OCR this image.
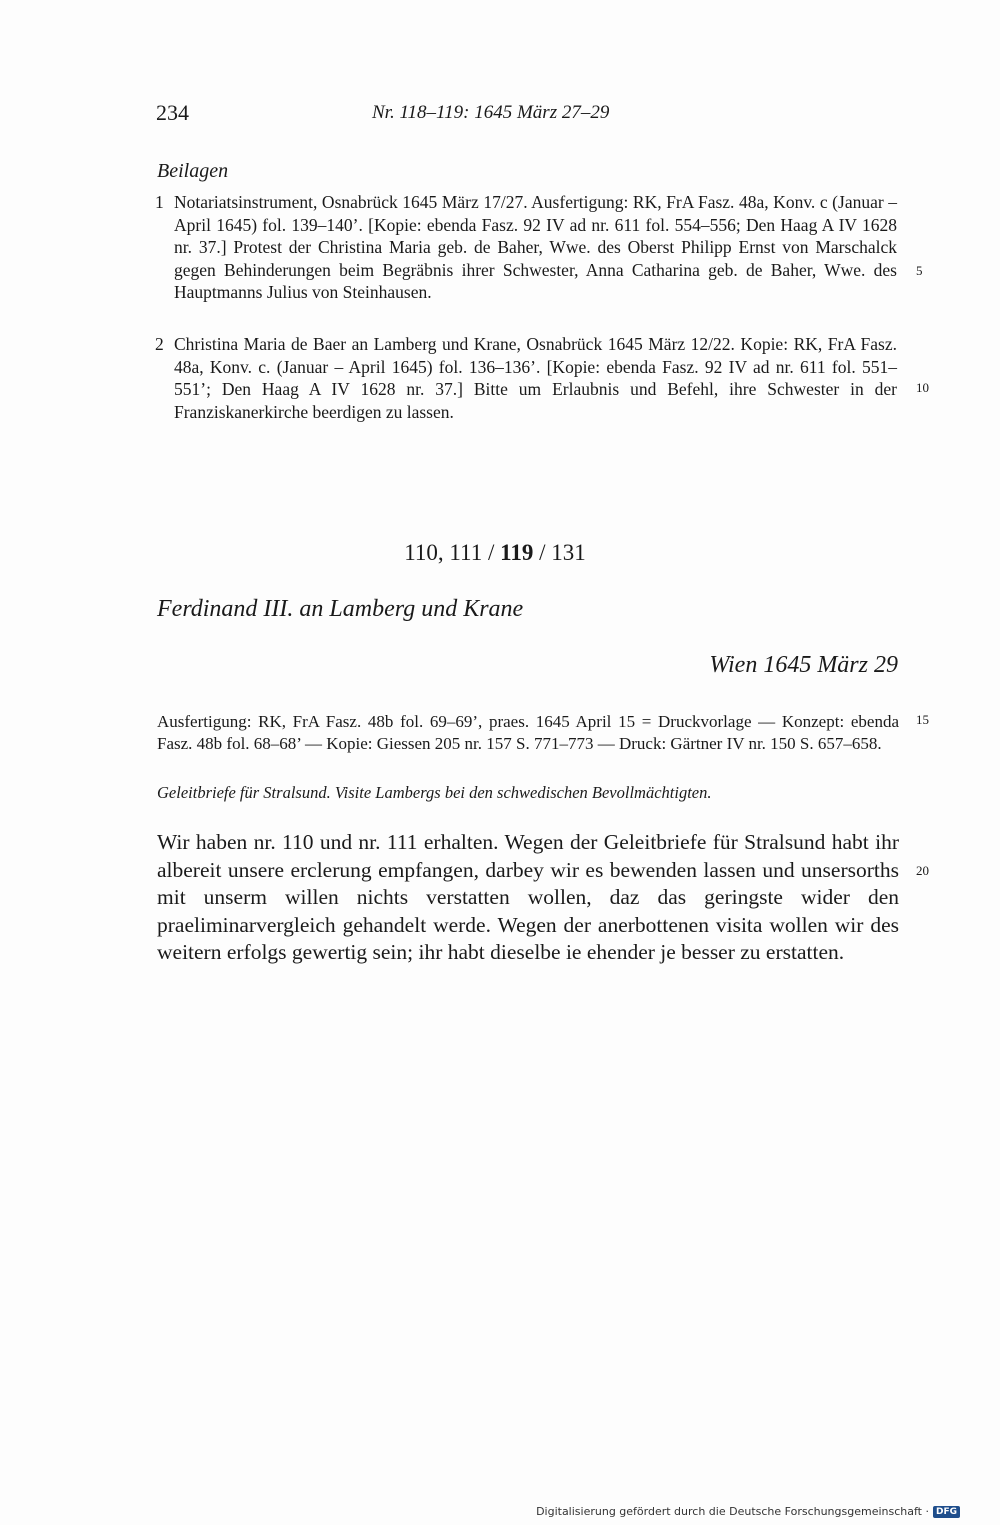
234	Nr. 118–119: 1645 März 27–29
Beilagen
1 Notariatsinstrument, Osnabrück 1645 März 17/27. Ausfertigung: RK, FrA Fasz. 48a, Konv. c (Januar – April 1645) fol. 139–140’. [Kopie: ebenda Fasz. 92 IV ad nr. 611 fol. 554–556; Den Haag A IV 1628 nr. 37.] Protest der Christina Maria geb. de Baher, Wwe. des Oberst Philipp Ernst von Marschalck gegen Behinderungen beim Begräbnis ihrer Schwester, Anna Catharina geb. de Baher, Wwe. des Hauptmanns Julius von Steinhausen.
2 Christina Maria de Baer an Lamberg und Krane, Osnabrück 1645 März 12/22. Kopie: RK, FrA Fasz. 48a, Konv. c. (Januar – April 1645) fol. 136–136’. [Kopie: ebenda Fasz. 92 IV ad nr. 611 fol. 551–551’; Den Haag A IV 1628 nr. 37.] Bitte um Erlaubnis und Befehl, ihre Schwester in der Franziskanerkirche beerdigen zu lassen.
5
10
15
20
110, 111 / 119 / 131
Ferdinand III. an Lamberg und Krane
Wien 1645 März 29
Ausfertigung: RK, FrA Fasz. 48b fol. 69–69’, praes. 1645 April 15 = Druckvorlage — Konzept: ebenda Fasz. 48b fol. 68–68’ — Kopie: Giessen 205 nr. 157 S. 771–773 — Druck: Gärtner IV nr. 150 S. 657–658.
Geleitbriefe für Stralsund. Visite Lambergs bei den schwedischen Bevollmächtigten.
Wir haben nr. 110 und nr. 111 erhalten. Wegen der Geleitbriefe für Stralsund habt ihr albereit unsere erclerung empfangen, darbey wir es bewenden lassen und unsersorths mit unserm willen nichts verstatten wollen, daz das geringste wider den praeliminarvergleich gehandelt werde. Wegen der anerbottenen visita wollen wir des weitern erfolgs gewertig sein; ihr habt dieselbe ie ehender je besser zu erstatten.
Digitalisierung gefördert durch die Deutsche Forschungsgemeinschaft · DFG
